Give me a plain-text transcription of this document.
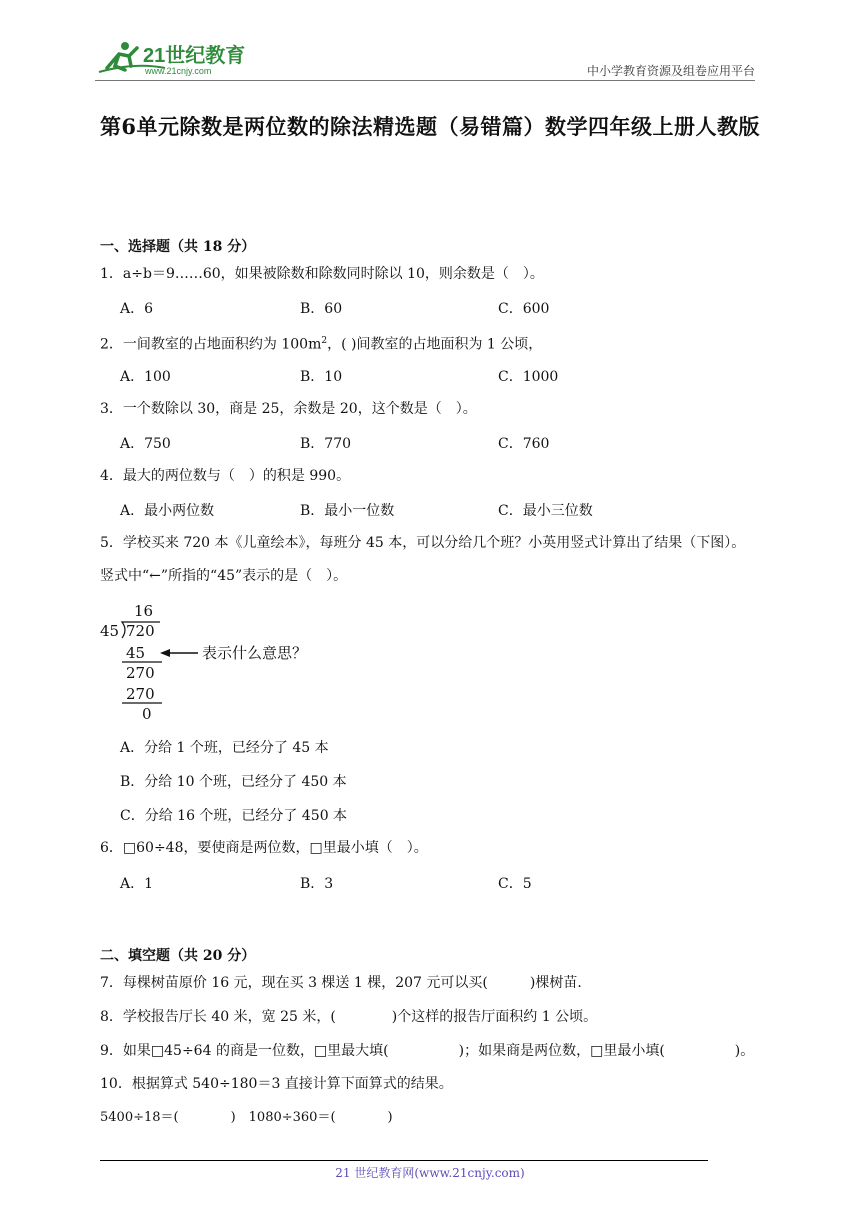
21世纪教育
www.21cnjy.com	中小学教育资源及组卷应用平台
第6单元除数是两位数的除法精选题（易错篇）数学四年级上册人教版
一、选择题（共 18 分）
1．a÷b＝9……60，如果被除数和除数同时除以 10，则余数是（　）。
A．6	B．60	C．600
2．一间教室的占地面积约为 $100m^2$，( )间教室的占地面积为 1 公顷，
A．100	B．10	C．1000
3．一个数除以 30，商是 25，余数是 20，这个数是（　）。
A．750	B．770	C．760
4．最大的两位数与（　）的积是 990。
A．最小两位数	B．最小一位数	C．最小三位数
5．学校买来 720 本《儿童绘本》，每班分 45 本，可以分给几个班？小英用竖式计算出了结果（下图）。
竖式中“←”所指的“45”表示的是（　）。
16
45 720
45
270
270
0
表示什么意思？
A．分给 1 个班，已经分了 45 本
B．分给 10 个班，已经分了 450 本
C．分给 16 个班，已经分了 450 本
6．□60÷48，要使商是两位数，□里最小填（　）。
A．1	B．3	C．5
二、填空题（共 20 分）
7．每棵树苗原价 16 元，现在买 3 棵送 1 棵，207 元可以买(　　　)棵树苗．
8．学校报告厅长 40 米，宽 25 米，(　　　　)个这样的报告厅面积约 1 公顷。
9．如果□45÷64 的商是一位数，□里最大填(　　　　　)；如果商是两位数，□里最小填(　　　　　)。
10．根据算式 540÷180＝3 直接计算下面算式的结果。
5400÷18＝(　　　　)　1080÷360＝(　　　　)
21 世纪教育网(www.21cnjy.com)
